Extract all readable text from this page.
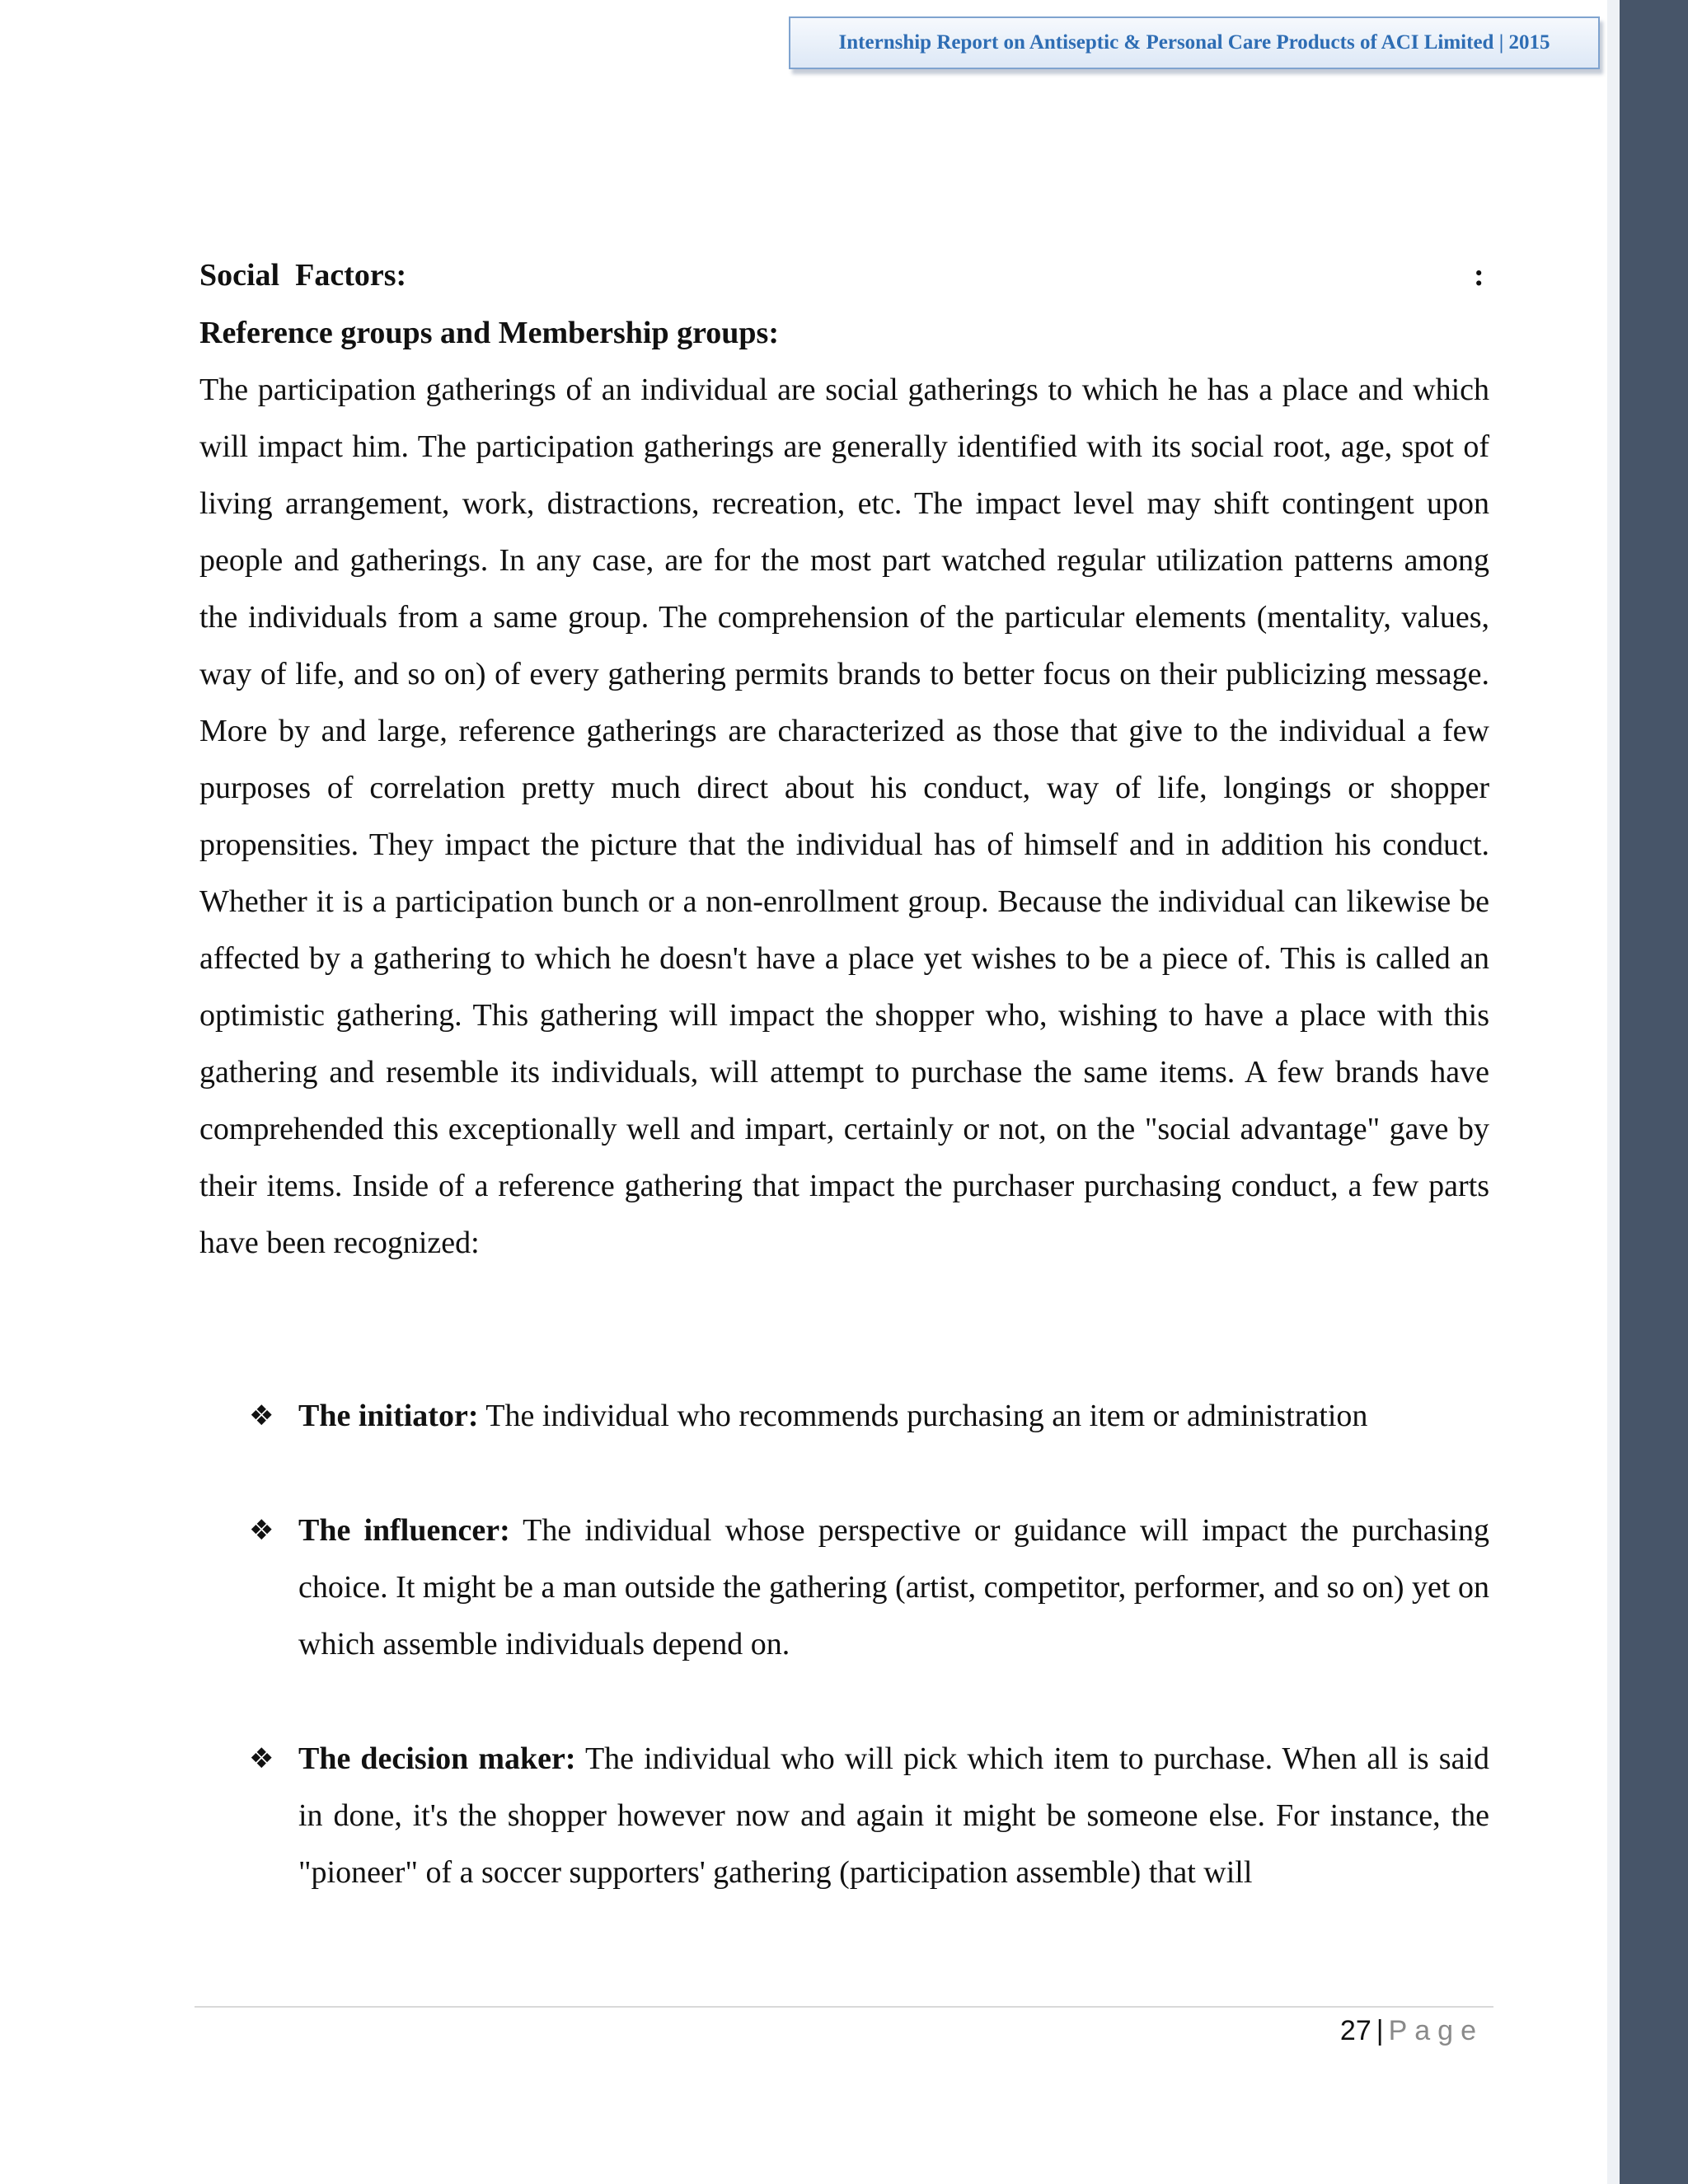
Internship Report on Antiseptic & Personal Care Products of ACI Limited | 2015
Social  Factors:	:
Reference groups and Membership groups:

The participation gatherings of an individual are social gatherings to which he has a place and which will impact him. The participation gatherings are generally identified with its social root, age, spot of living arrangement, work, distractions, recreation, etc. The impact level may shift contingent upon people and gatherings. In any case, are for the most part watched regular utilization patterns among the individuals from a same group. The comprehension of the particular elements (mentality, values, way of life, and so on) of every gathering permits brands to better focus on their publicizing message. More by and large, reference gatherings are characterized as those that give to the individual a few purposes of correlation pretty much direct about his conduct, way of life, longings or shopper propensities. They impact the picture that the individual has of himself and in addition his conduct. Whether it is a participation bunch or a non-enrollment group. Because the individual can likewise be affected by a gathering to which he doesn't have a place yet wishes to be a piece of. This is called an optimistic gathering. This gathering will impact the shopper who, wishing to have a place with this gathering and resemble its individuals, will attempt to purchase the same items. A few brands have comprehended this exceptionally well and impart, certainly or not, on the "social advantage" gave by their items. Inside of a reference gathering that impact the purchaser purchasing conduct, a few parts have been recognized:

❖ The initiator: The individual who recommends purchasing an item or administration

❖ The influencer: The individual whose perspective or guidance will impact the purchasing choice. It might be a man outside the gathering (artist, competitor, performer, and so on) yet on which assemble individuals depend on.

❖ The decision maker: The individual who will pick which item to purchase. When all is said in done, it's the shopper however now and again it might be someone else. For instance, the "pioneer" of a soccer supporters' gathering (participation assemble) that will

27 | Page
